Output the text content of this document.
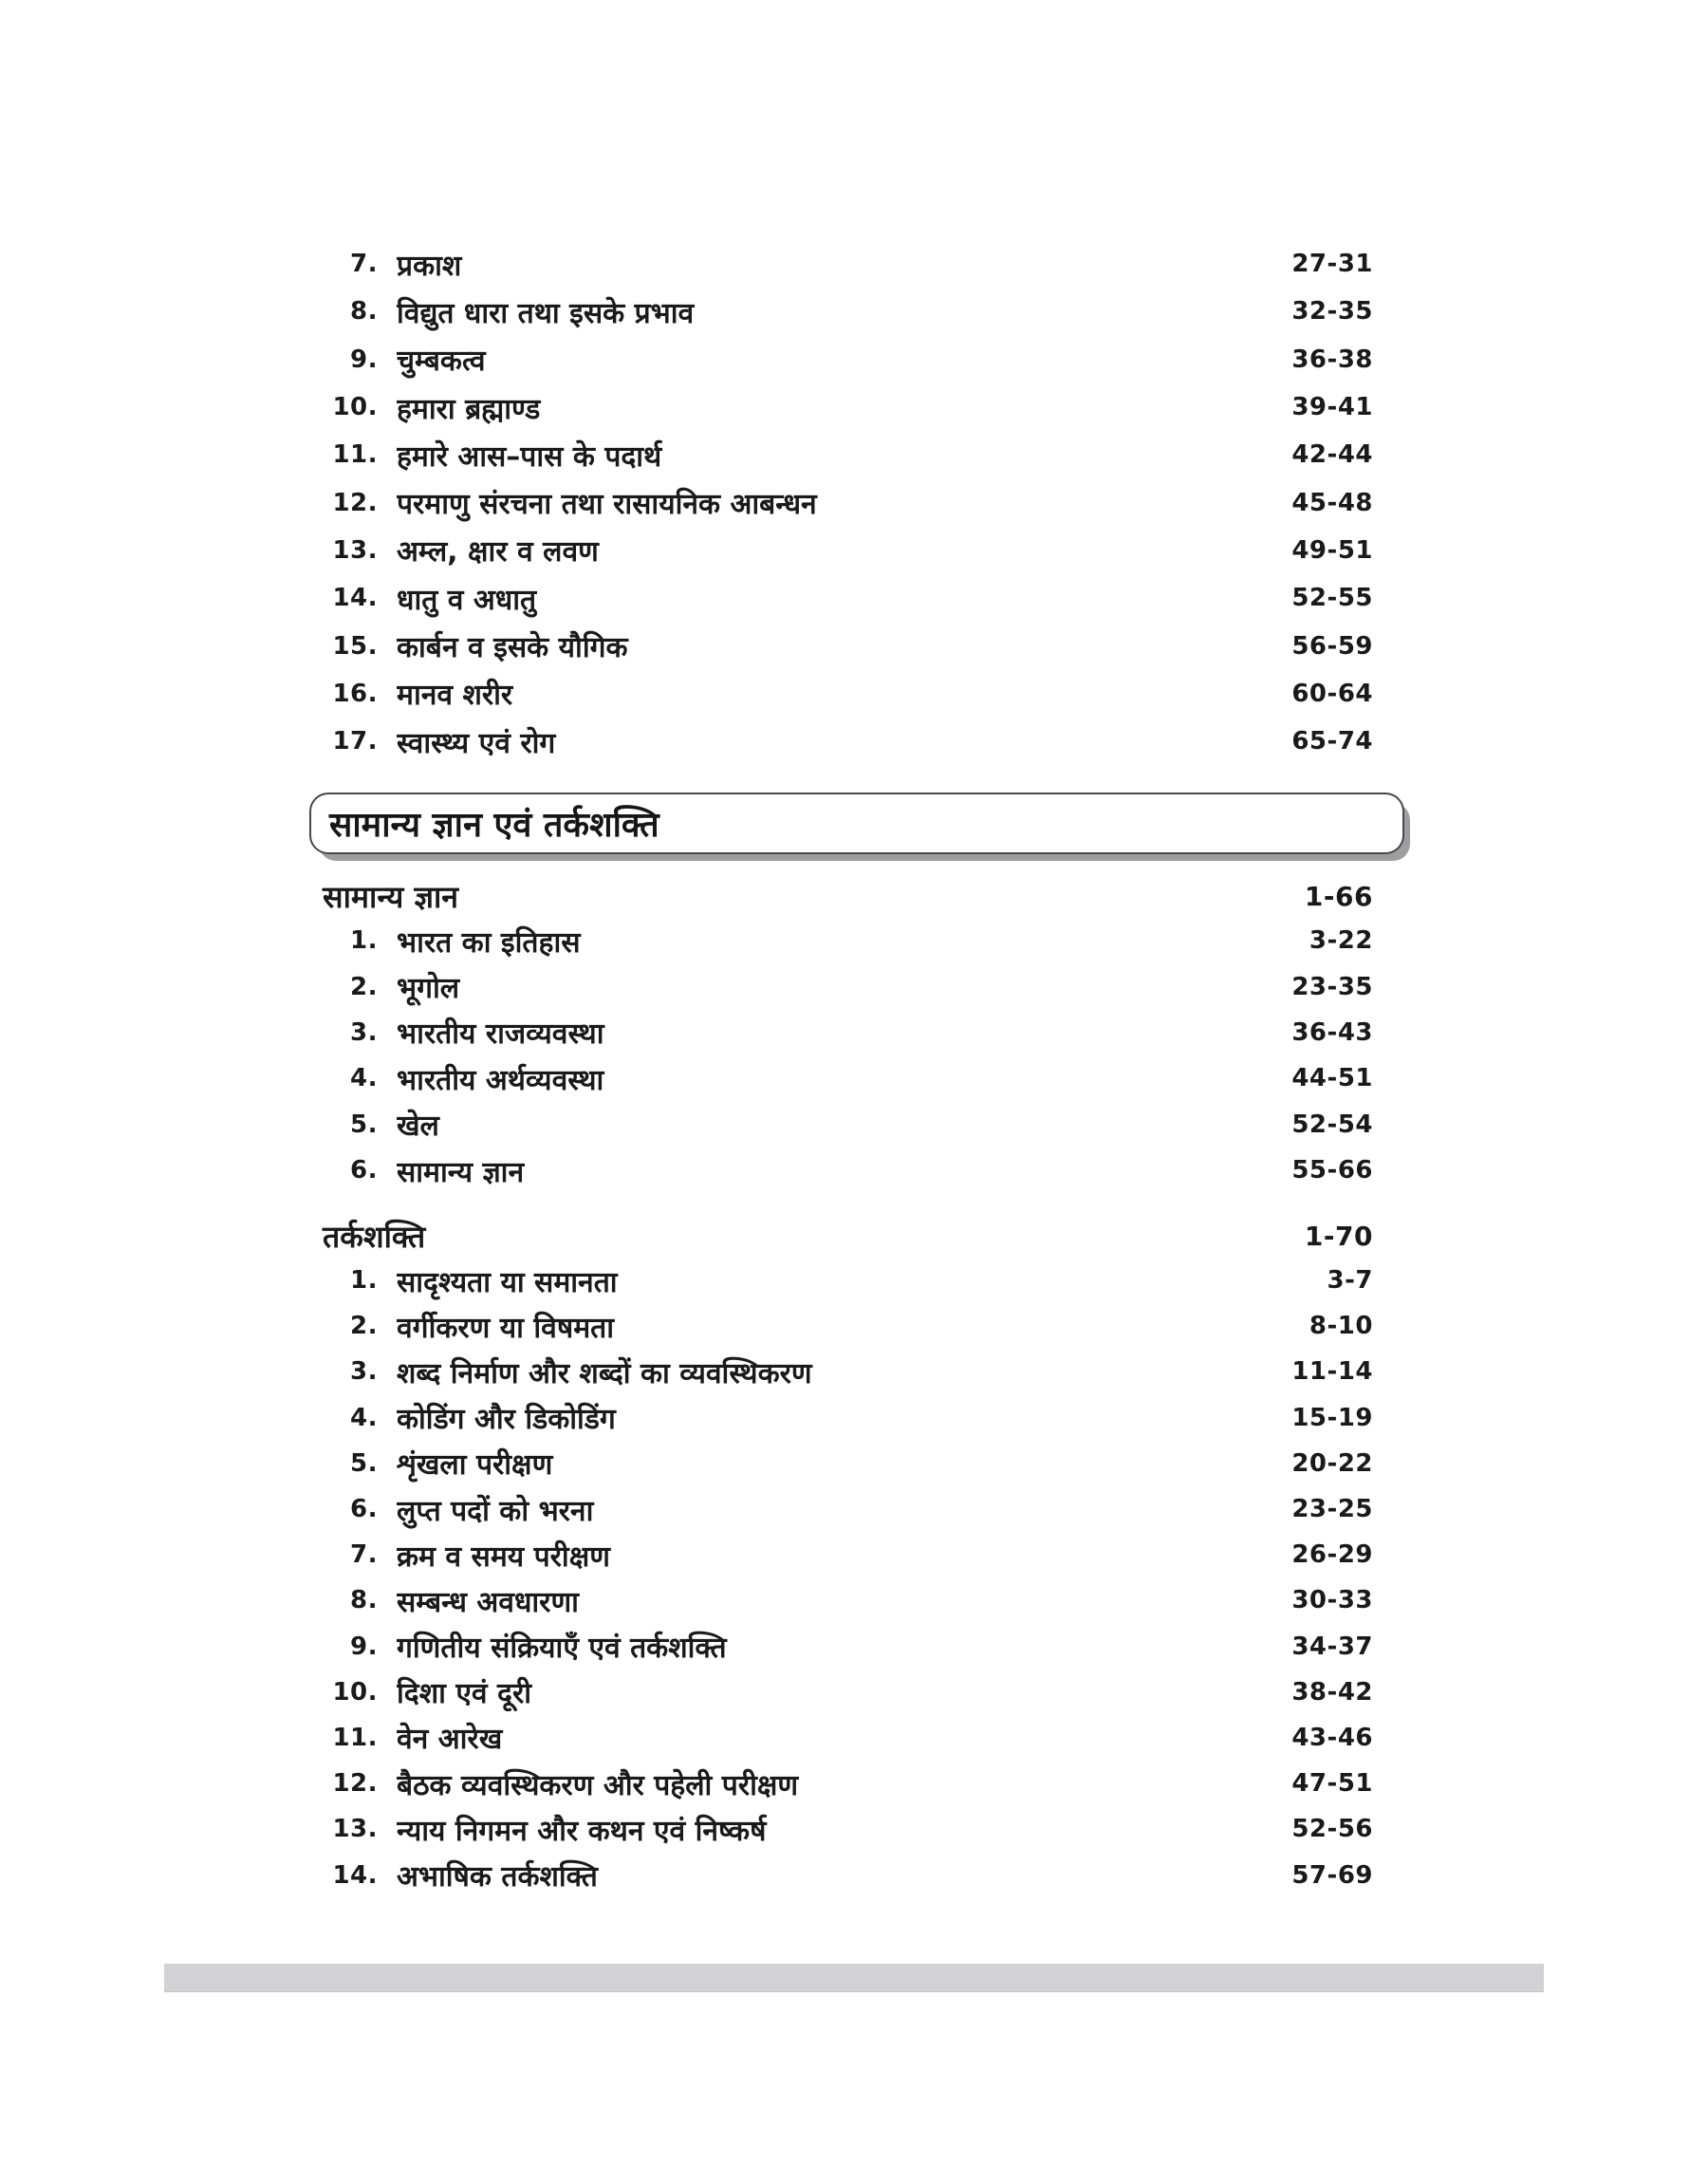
7. प्रकाश	27-31
8. विद्युत धारा तथा इसके प्रभाव	32-35
9. चुम्बकत्व	36-38
10. हमारा ब्रह्माण्ड	39-41
11. हमारे आस–पास के पदार्थ	42-44
12. परमाणु संरचना तथा रासायनिक आबन्धन	45-48
13. अम्ल, क्षार व लवण	49-51
14. धातु व अधातु	52-55
15. कार्बन व इसके यौगिक	56-59
16. मानव शरीर	60-64
17. स्वास्थ्य एवं रोग	65-74
सामान्य ज्ञान एवं तर्कशक्ति
सामान्य ज्ञान	1-66
1. भारत का इतिहास	3-22
2. भूगोल	23-35
3. भारतीय राजव्यवस्था	36-43
4. भारतीय अर्थव्यवस्था	44-51
5. खेल	52-54
6. सामान्य ज्ञान	55-66
तर्कशक्ति	1-70
1. सादृश्यता या समानता	3-7
2. वर्गीकरण या विषमता	8-10
3. शब्द निर्माण और शब्दों का व्यवस्थिकरण	11-14
4. कोडिंग और डिकोडिंग	15-19
5. शृंखला परीक्षण	20-22
6. लुप्त पदों को भरना	23-25
7. क्रम व समय परीक्षण	26-29
8. सम्बन्ध अवधारणा	30-33
9. गणितीय संक्रियाएँ एवं तर्कशक्ति	34-37
10. दिशा एवं दूरी	38-42
11. वेन आरेख	43-46
12. बैठक व्यवस्थिकरण और पहेली परीक्षण	47-51
13. न्याय निगमन और कथन एवं निष्कर्ष	52-56
14. अभाषिक तर्कशक्ति	57-69
